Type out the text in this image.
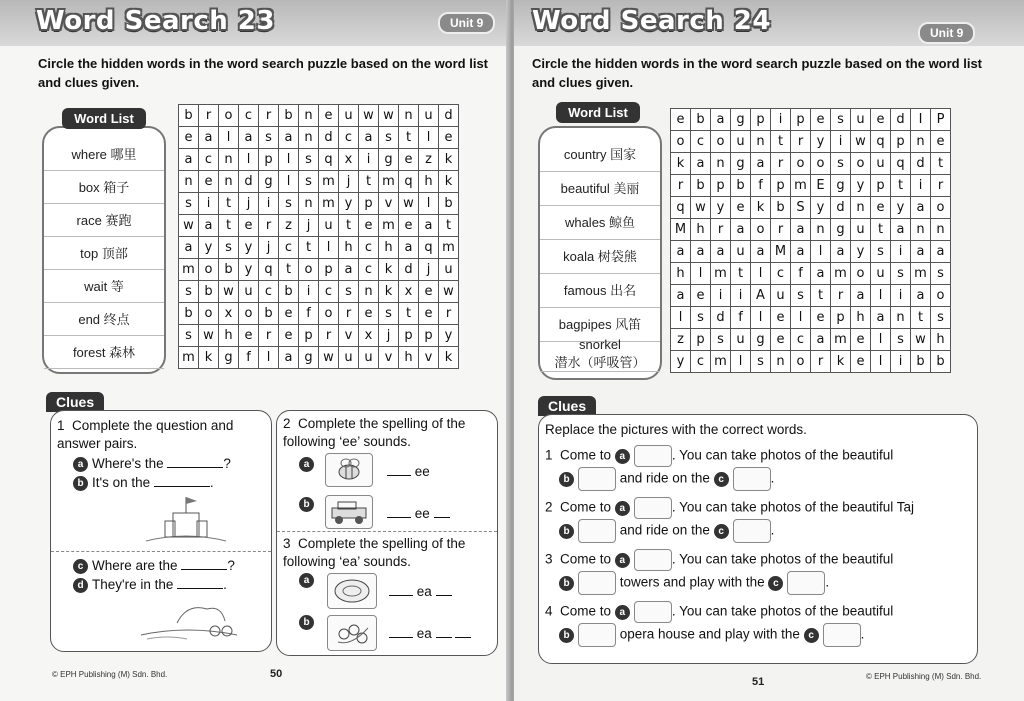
Word Search 23	Unit 9
Circle the hidden words in the word search puzzle based on the word list and clues given.
where 哪里
box 箱子
race 赛跑
top 顶部
wait 等
end 终点
forest 森林
Word List	b	r	o	c	r	b	n	e	u	w	w	n	u	d
e	a	l	a	s	a	n	d	c	a	s	t	l	e
a	c	n	l	p	l	s	q	x	i	g	e	z	k
n	e	n	d	g	l	s	m	j	t	m	q	h	k
s	i	t	j	i	s	n	m	y	p	v	w	l	b
w	a	t	e	r	z	j	u	t	e	m	e	a	t
a	y	s	y	j	c	t	l	h	c	h	a	q	m
m	o	b	y	q	t	o	p	a	c	k	d	j	u
s	b	w	u	c	b	i	c	s	n	k	x	e	w
b	o	x	o	b	e	f	o	r	e	s	t	e	r
s	w	h	e	r	e	p	r	v	x	j	p	p	y
m	k	g	f	l	a	g	w	u	u	v	h	v	k
Clues
1 Complete the question and answer pairs.
a Where's the	?
b It's on the	.
c Where are the	?
d They're in the	.
2 Complete the spelling of the following ‘ee’ sounds.
a	ee
b
ee
3 Complete the spelling of the following ‘ea’ sounds.
a
ea
b
ea
© EPH Publishing (M) Sdn. Bhd.	50
Word Search 24	Unit 9
Circle the hidden words in the word search puzzle based on the word list and clues given.
country 国家
beautiful 美丽
whales 鲸鱼
koala 树袋熊
famous 出名
bagpipes 风笛
snorkel
潜水（呼吸管）
Word List	e	b	a	g	p	i	p	e	s	u	e	d	I	P
o	c	o	u	n	t	r	y	i	w	q	p	n	e
k	a	n	g	a	r	o	o	s	o	u	q	d	t
r	b	p	b	f	p	m	E	g	y	p	t	i	r
q	w	y	e	k	b	S	y	d	n	e	y	a	o
M	h	r	a	o	r	a	n	g	u	t	a	n	n
a	a	a	u	a	M	a	l	a	y	s	i	a	a
h	l	m	t	l	c	f	a	m	o	u	s	m	s
a	e	i	i	A	u	s	t	r	a	l	i	a	o
l	s	d	f	l	e	l	e	p	h	a	n	t	s
z	p	s	u	g	e	c	a	m	e	l	s	w	h
y	c	m	l	s	n	o	r	k	e	l	i	b	b
Clues
Replace the pictures with the correct words.
1 Come to a	. You can take photos of the beautiful
b	and ride on the c	.
2 Come to a	. You can take photos of the beautiful Taj
b	and ride on the c	.
3 Come to a	. You can take photos of the beautiful
b	towers and play with the c	.
4 Come to a	. You can take photos of the beautiful
b	opera house and play with the c	.
51	© EPH Publishing (M) Sdn. Bhd.
